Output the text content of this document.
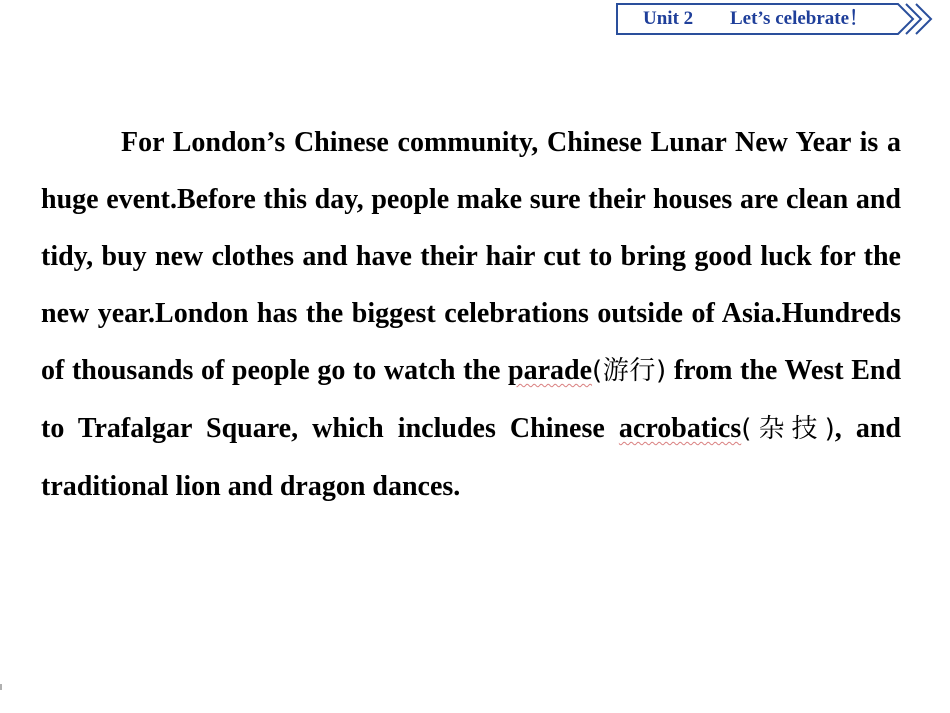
Unit 2 Let’s celebrate！

For London’s Chinese community, Chinese Lunar New Year is a huge event.Before this day, people make sure their houses are clean and tidy, buy new clothes and have their hair cut to bring good luck for the new year.London has the biggest celebrations outside of Asia.Hundreds of thousands of people go to watch the parade(游行) from the West End to Trafalgar Square, which includes Chinese acrobatics(杂技), and traditional lion and dragon dances.
